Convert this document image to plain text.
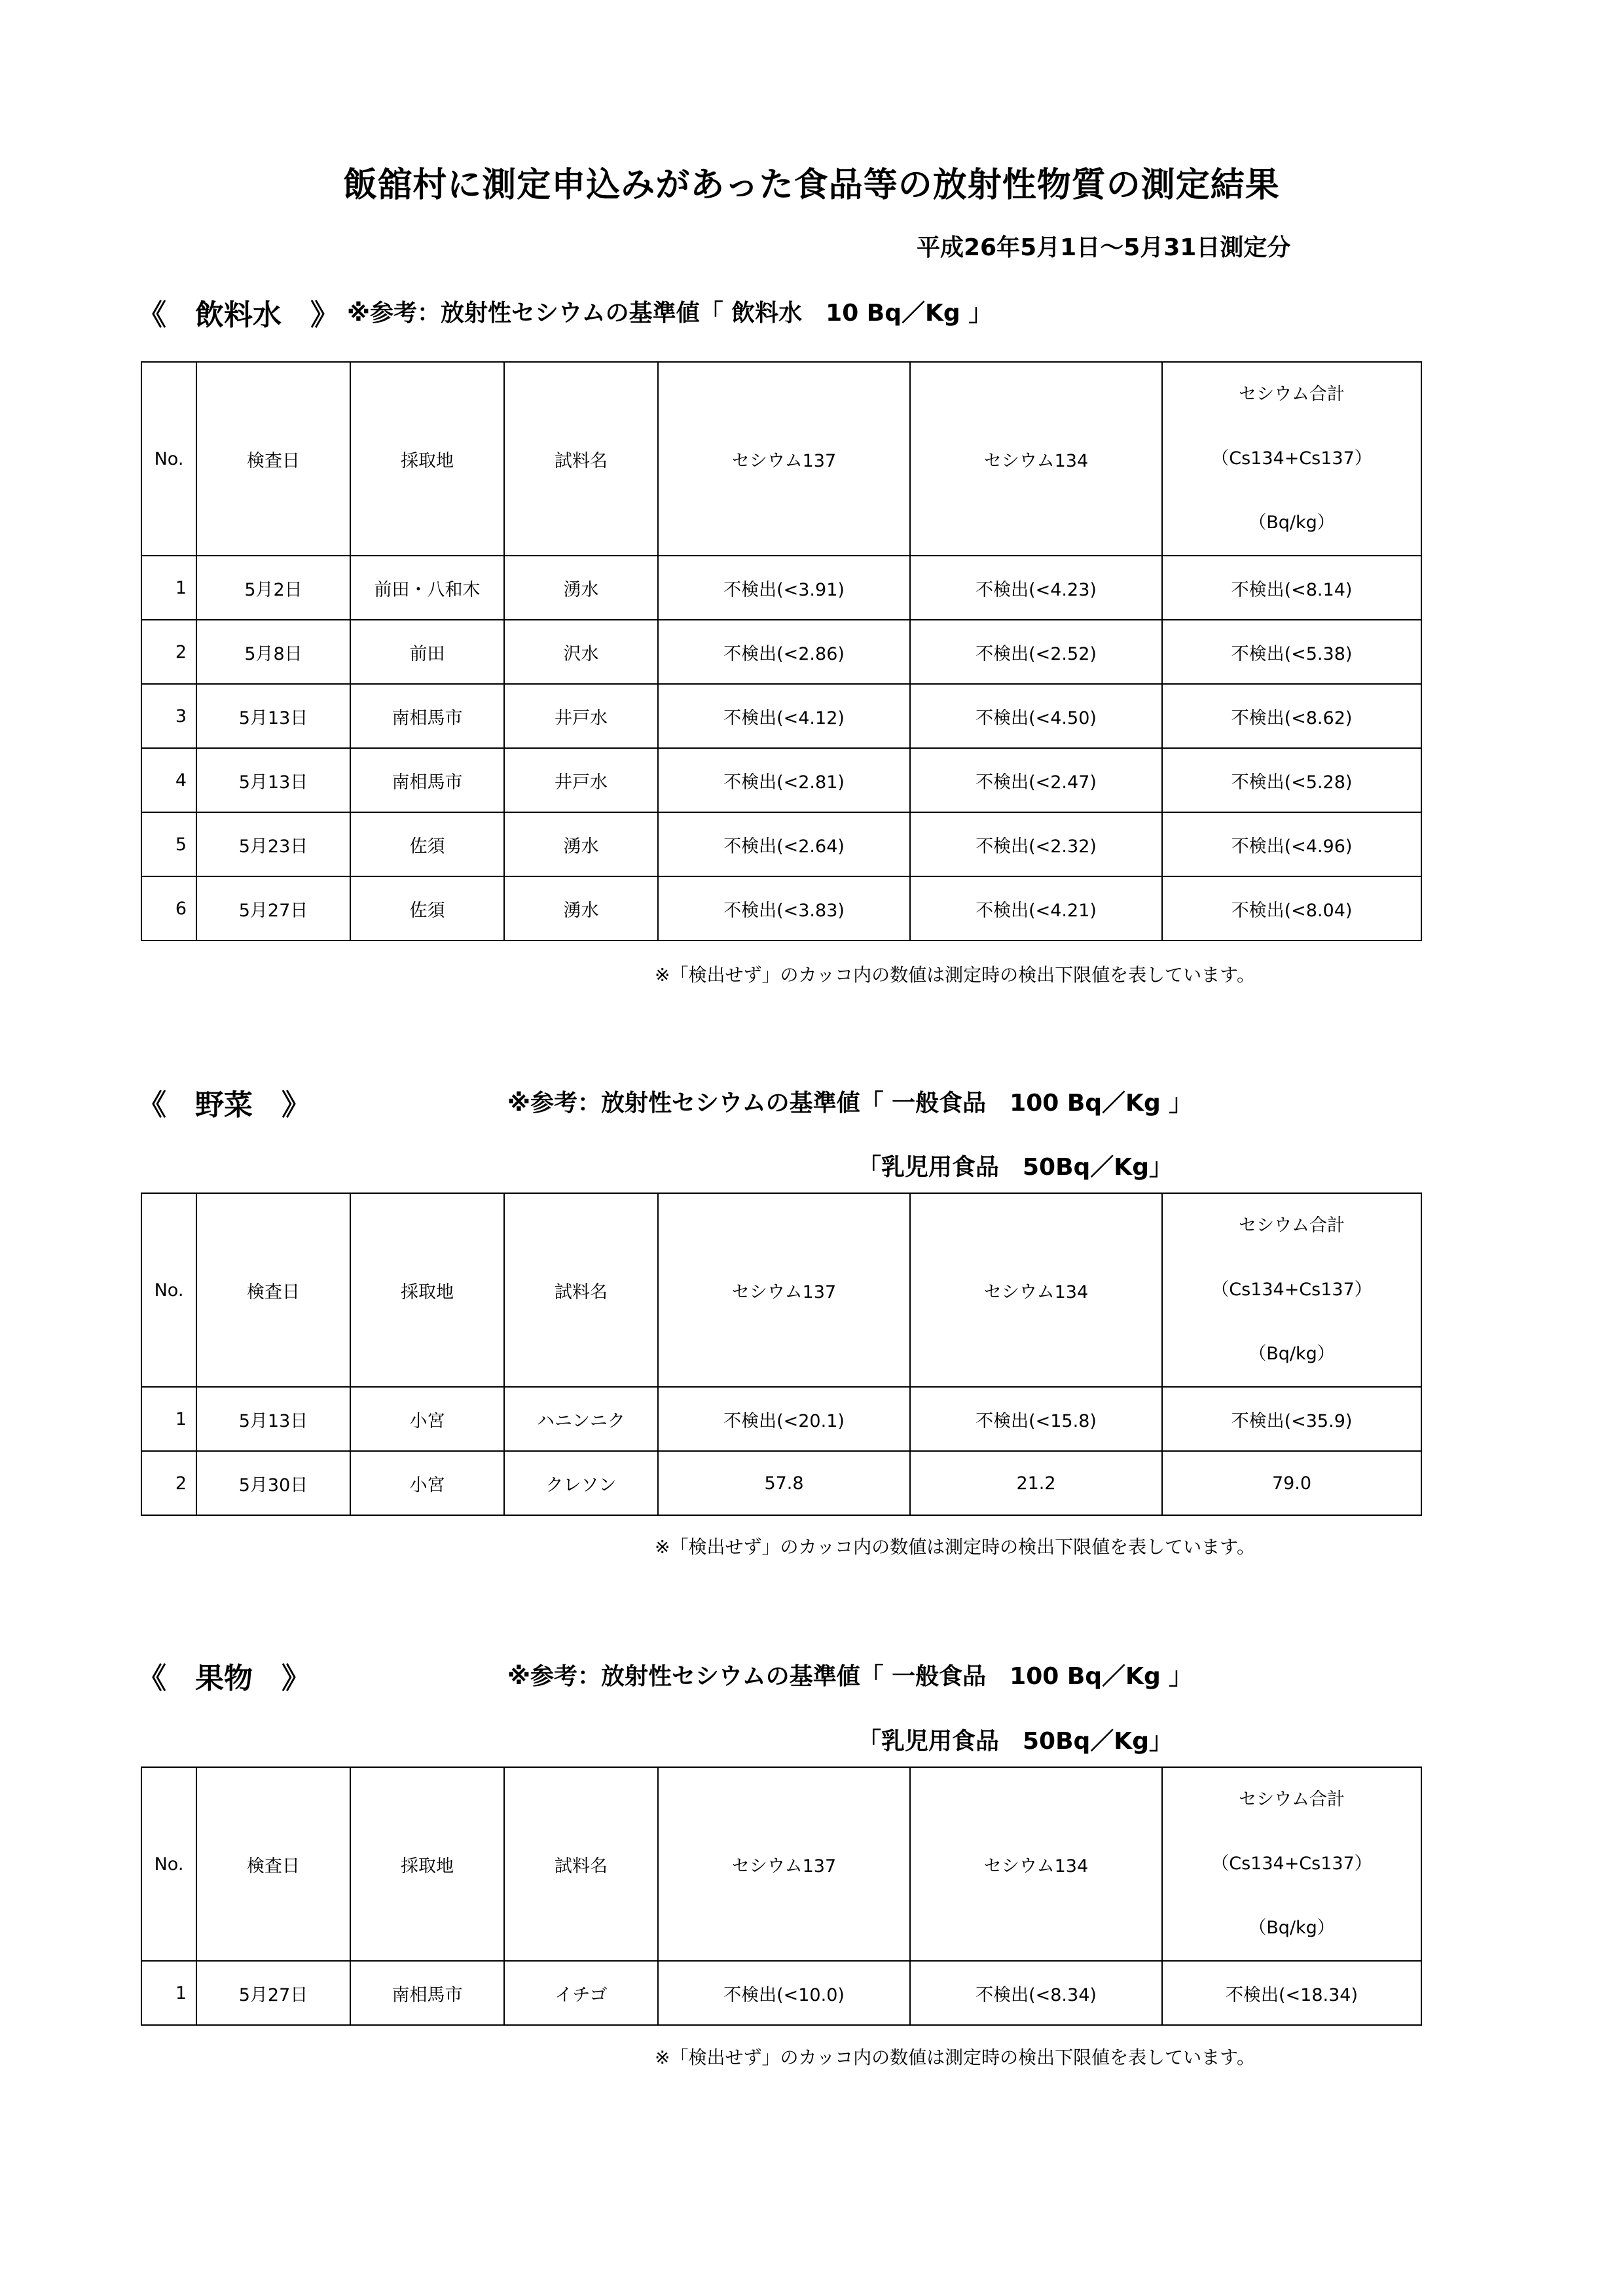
飯舘村に測定申込みがあった食品等の放射性物質の測定結果
平成26年5月1日～5月31日測定分
《　飲料水　》 ※参考：放射性セシウムの基準値「 飲料水　10 Bq／Kg 」
No.	検査日	採取地	試料名	セシウム137	セシウム134	セシウム合計
（Cs134+Cs137）
（Bq/kg）

1	5月2日	前田・八和木	湧水	不検出(<3.91)	不検出(<4.23)	不検出(<8.14)
2	5月8日	前田	沢水	不検出(<2.86)	不検出(<2.52)	不検出(<5.38)
3	5月13日	南相馬市	井戸水	不検出(<4.12)	不検出(<4.50)	不検出(<8.62)
4	5月13日	南相馬市	井戸水	不検出(<2.81)	不検出(<2.47)	不検出(<5.28)
5	5月23日	佐須	湧水	不検出(<2.64)	不検出(<2.32)	不検出(<4.96)
6	5月27日	佐須	湧水	不検出(<3.83)	不検出(<4.21)	不検出(<8.04)
※「検出せず」のカッコ内の数値は測定時の検出下限値を表しています。
《　野菜　》	※参考：放射性セシウムの基準値「 一般食品　100 Bq／Kg 」
「乳児用食品　50Bq／Kg」
No.	検査日	採取地	試料名	セシウム137	セシウム134	セシウム合計
（Cs134+Cs137）
（Bq/kg）

1	5月13日	小宮	ハニンニク	不検出(<20.1)	不検出(<15.8)	不検出(<35.9)
2	5月30日	小宮	クレソン	57.8	21.2	79.0
※「検出せず」のカッコ内の数値は測定時の検出下限値を表しています。
《　果物　》	※参考：放射性セシウムの基準値「 一般食品　100 Bq／Kg 」
「乳児用食品　50Bq／Kg」
No.	検査日	採取地	試料名	セシウム137	セシウム134	セシウム合計
（Cs134+Cs137）
（Bq/kg）

1	5月27日	南相馬市	イチゴ	不検出(<10.0)	不検出(<8.34)	不検出(<18.34)
※「検出せず」のカッコ内の数値は測定時の検出下限値を表しています。
